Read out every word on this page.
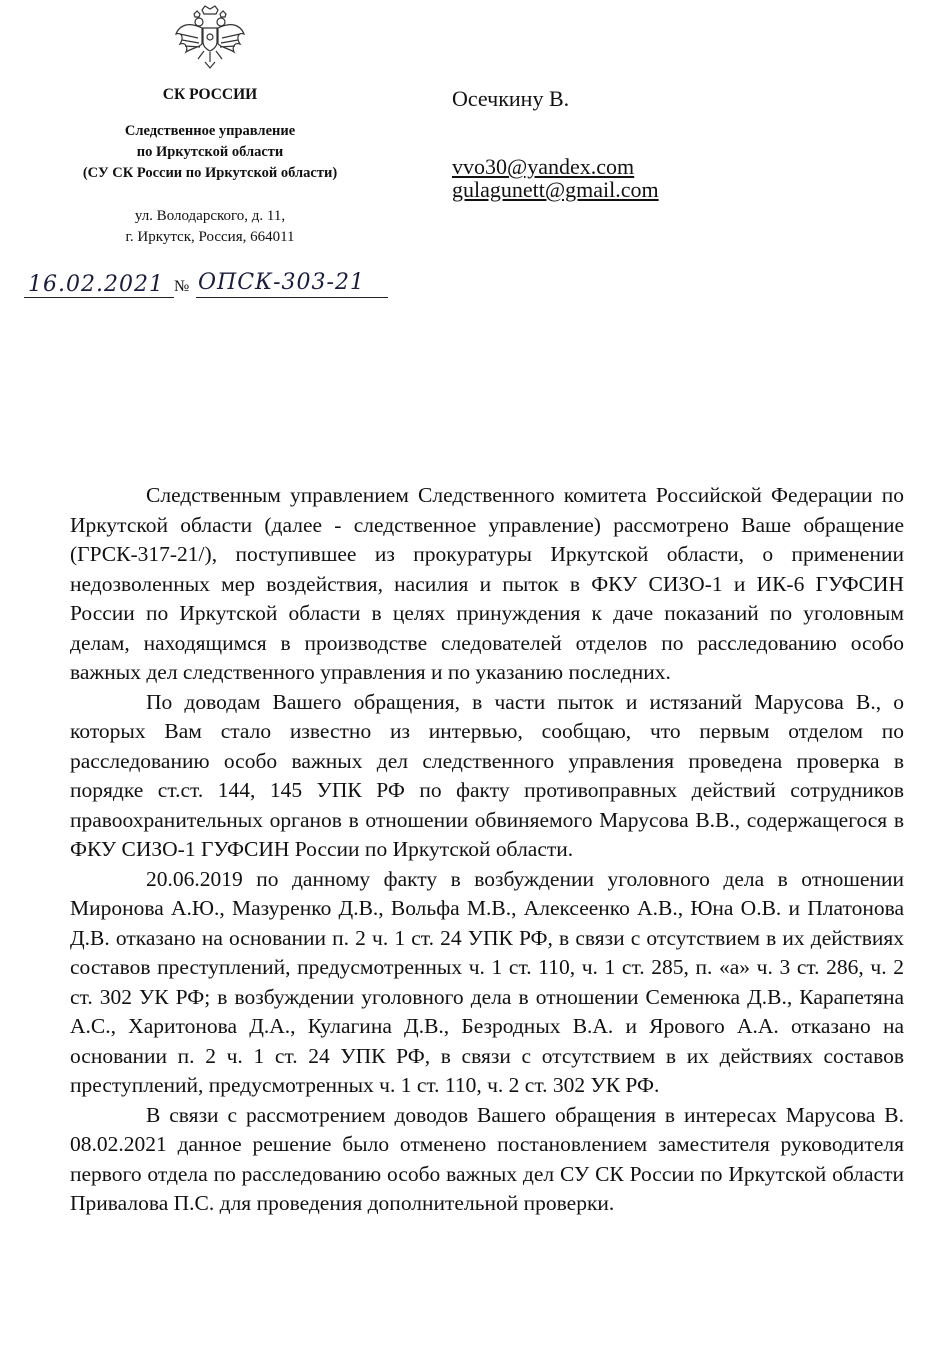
СК РОССИИ
Следственное управление
по Иркутской области
(СУ СК России по Иркутской области)
ул. Володарского, д. 11,
г. Иркутск, Россия, 664011
16.02.2021 № ОПСК-303-21
Осечкину В.
vvo30@yandex.com
gulagunett@gmail.com

Следственным управлением Следственного комитета Российской Федерации по Иркутской области (далее - следственное управление) рассмотрено Ваше обращение (ГРСК-317-21/), поступившее из прокуратуры Иркутской области, о применении недозволенных мер воздействия, насилия и пыток в ФКУ СИЗО-1 и ИК-6 ГУФСИН России по Иркутской области в целях принуждения к даче показаний по уголовным делам, находящимся в производстве следователей отделов по расследованию особо важных дел следственного управления и по указанию последних.

По доводам Вашего обращения, в части пыток и истязаний Марусова В., о которых Вам стало известно из интервью, сообщаю, что первым отделом по расследованию особо важных дел следственного управления проведена проверка в порядке ст.ст. 144, 145 УПК РФ по факту противоправных действий сотрудников правоохранительных органов в отношении обвиняемого Марусова В.В., содержащегося в ФКУ СИЗО-1 ГУФСИН России по Иркутской области.

20.06.2019 по данному факту в возбуждении уголовного дела в отношении Миронова А.Ю., Мазуренко Д.В., Вольфа М.В., Алексеенко А.В., Юна О.В. и Платонова Д.В. отказано на основании п. 2 ч. 1 ст. 24 УПК РФ, в связи с отсутствием в их действиях составов преступлений, предусмотренных ч. 1 ст. 110, ч. 1 ст. 285, п. «а» ч. 3 ст. 286, ч. 2 ст. 302 УК РФ; в возбуждении уголовного дела в отношении Семенюка Д.В., Карапетяна А.С., Харитонова Д.А., Кулагина Д.В., Безродных В.А. и Ярового А.А. отказано на основании п. 2 ч. 1 ст. 24 УПК РФ, в связи с отсутствием в их действиях составов преступлений, предусмотренных ч. 1 ст. 110, ч. 2 ст. 302 УК РФ.

В связи с рассмотрением доводов Вашего обращения в интересах Марусова В. 08.02.2021 данное решение было отменено постановлением заместителя руководителя первого отдела по расследованию особо важных дел СУ СК России по Иркутской области Привалова П.С. для проведения дополнительной проверки.
